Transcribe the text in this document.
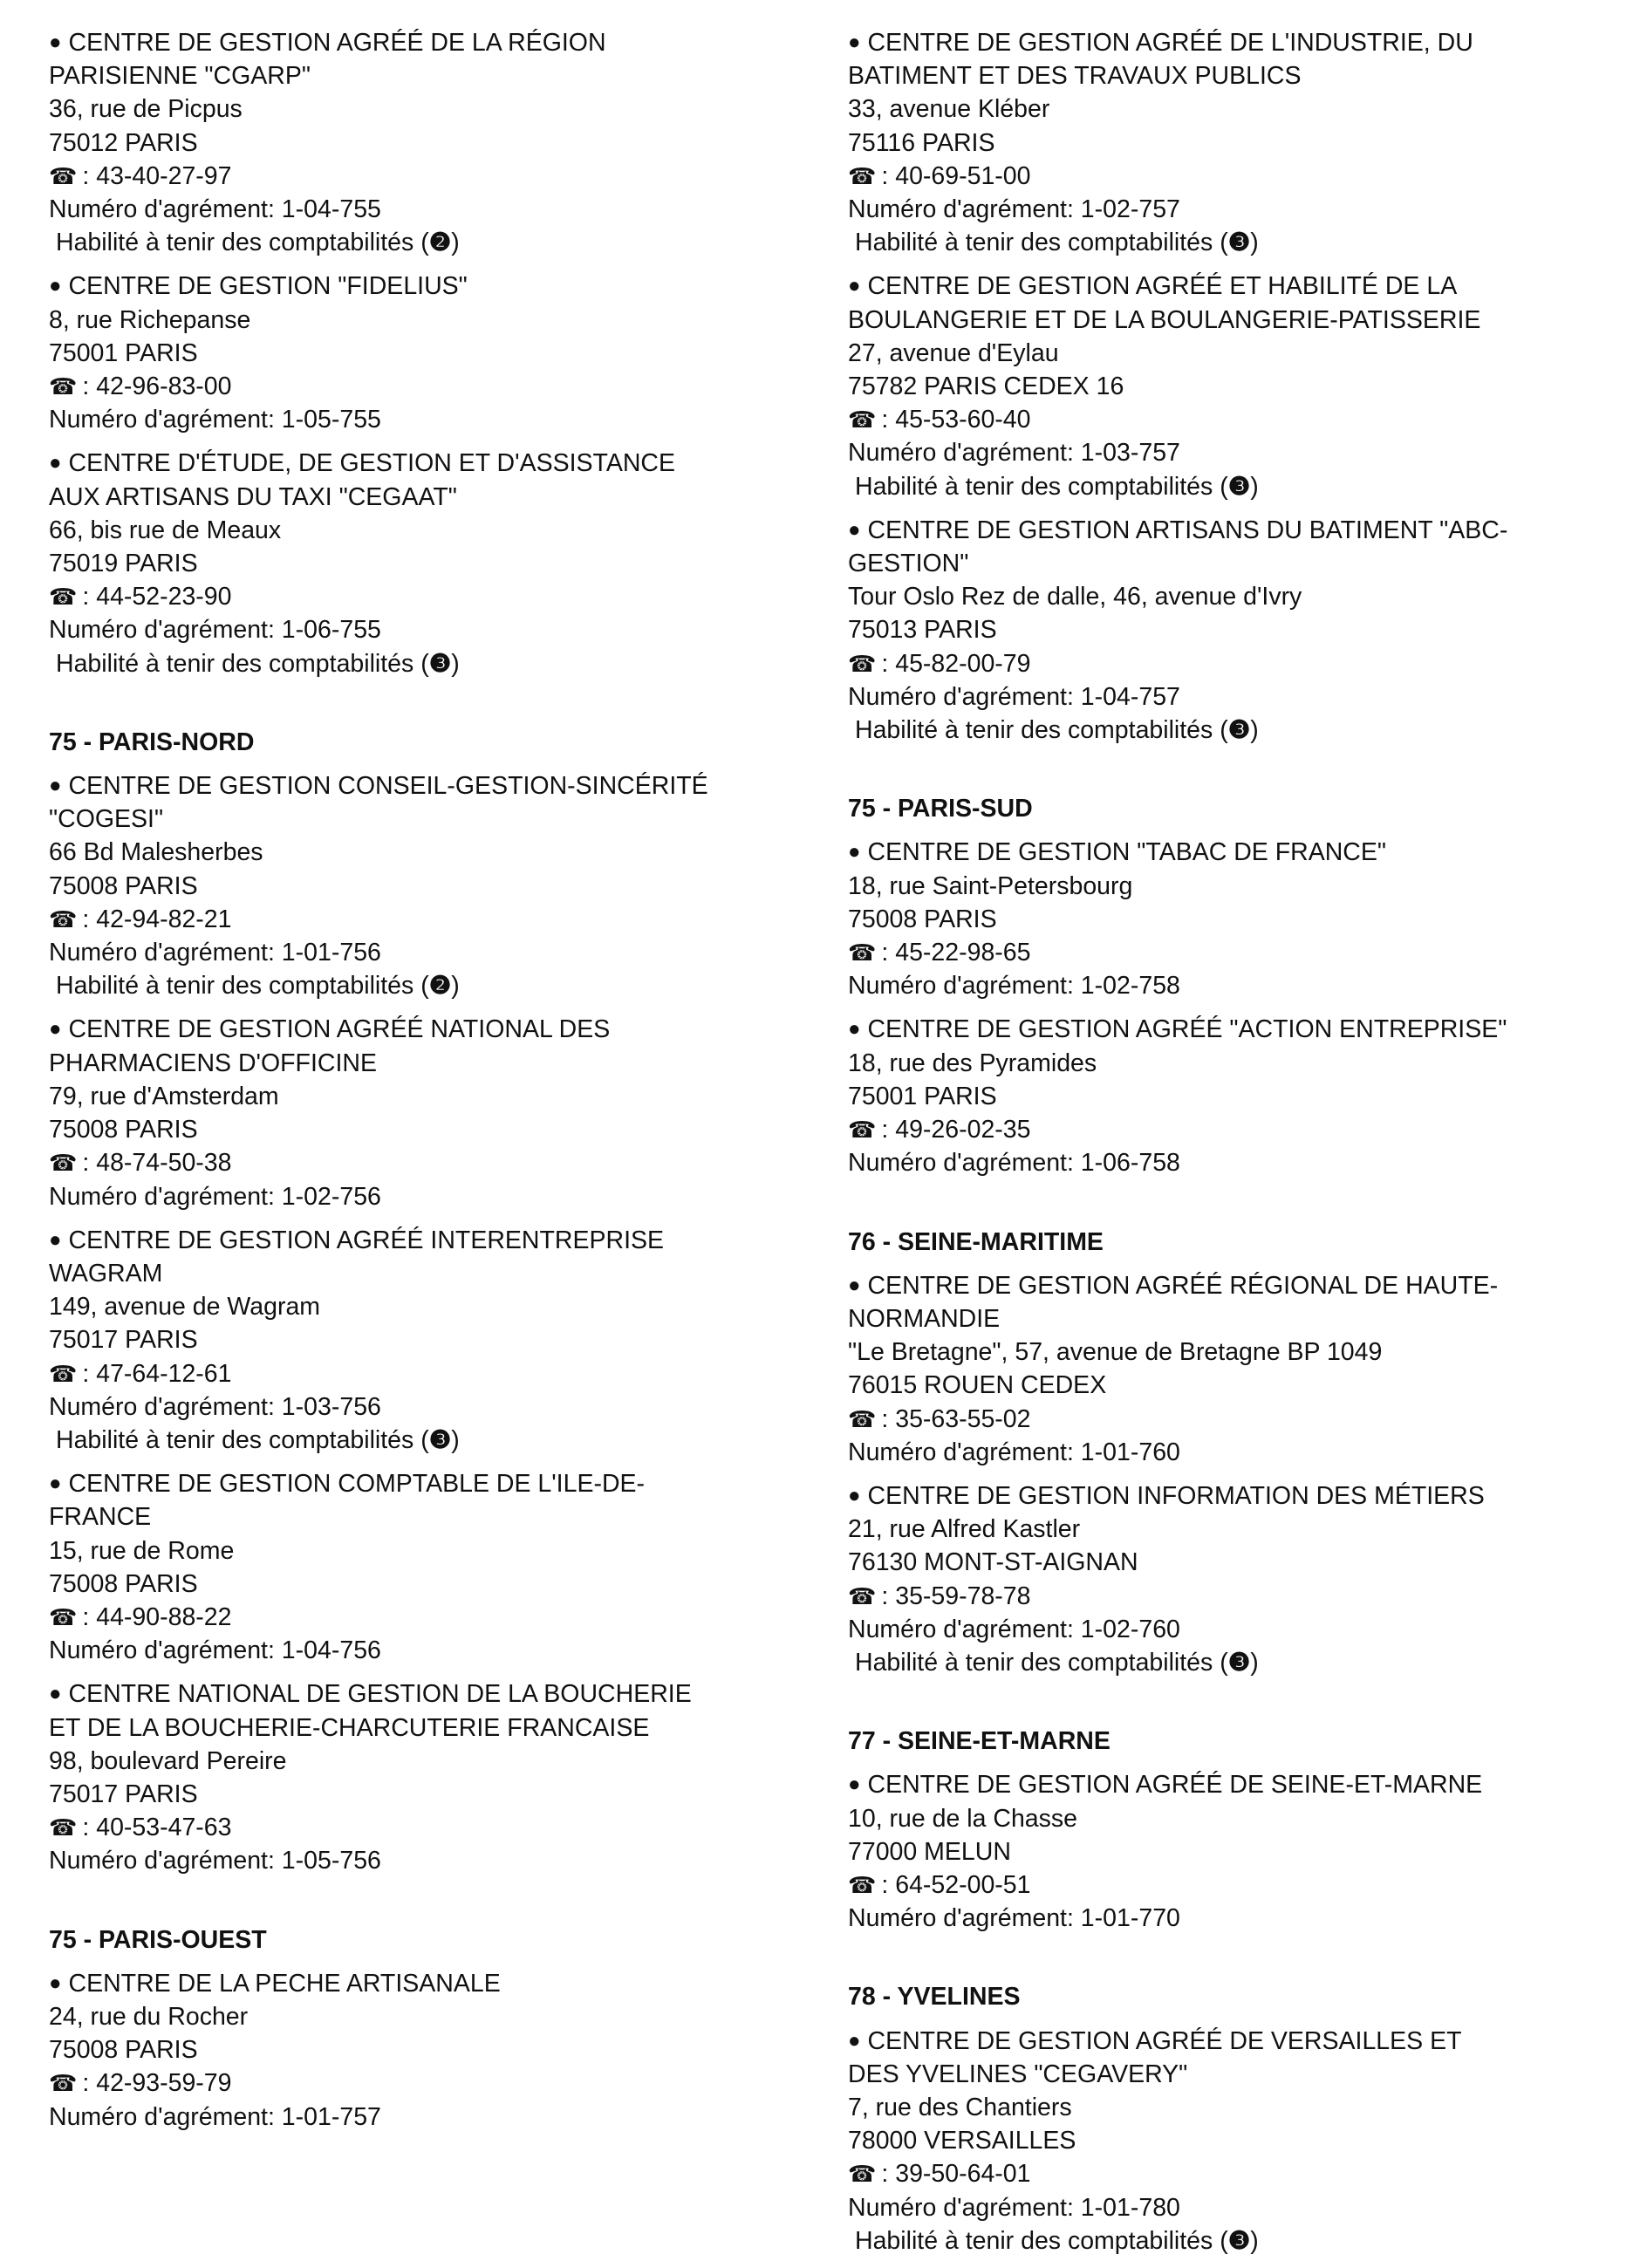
● CENTRE DE GESTION AGRÉÉ DE LA RÉGION
PARISIENNE "CGARP"
36, rue de Picpus
75012 PARIS
☎ : 43-40-27-97
Numéro d'agrément: 1-04-755
Habilité à tenir des comptabilités (❷)
● CENTRE DE GESTION "FIDELIUS"
8, rue Richepanse
75001 PARIS
☎ : 42-96-83-00
Numéro d'agrément: 1-05-755
● CENTRE D'ÉTUDE, DE GESTION ET D'ASSISTANCE
AUX ARTISANS DU TAXI "CEGAAT"
66, bis rue de Meaux
75019 PARIS
☎ : 44-52-23-90
Numéro d'agrément: 1-06-755
Habilité à tenir des comptabilités (❸)
75 - PARIS-NORD
● CENTRE DE GESTION CONSEIL-GESTION-SINCÉRITÉ
"COGESI"
66 Bd Malesherbes
75008 PARIS
☎ : 42-94-82-21
Numéro d'agrément: 1-01-756
Habilité à tenir des comptabilités (❷)
● CENTRE DE GESTION AGRÉÉ NATIONAL DES
PHARMACIENS D'OFFICINE
79, rue d'Amsterdam
75008 PARIS
☎ : 48-74-50-38
Numéro d'agrément: 1-02-756
● CENTRE DE GESTION AGRÉÉ INTERENTREPRISE
WAGRAM
149, avenue de Wagram
75017 PARIS
☎ : 47-64-12-61
Numéro d'agrément: 1-03-756
Habilité à tenir des comptabilités (❸)
● CENTRE DE GESTION COMPTABLE DE L'ILE-DE-
FRANCE
15, rue de Rome
75008 PARIS
☎ : 44-90-88-22
Numéro d'agrément: 1-04-756
● CENTRE NATIONAL DE GESTION DE LA BOUCHERIE
ET DE LA BOUCHERIE-CHARCUTERIE FRANCAISE
98, boulevard Pereire
75017 PARIS
☎ : 40-53-47-63
Numéro d'agrément: 1-05-756
75 - PARIS-OUEST
● CENTRE DE LA PECHE ARTISANALE
24, rue du Rocher
75008 PARIS
☎ : 42-93-59-79
Numéro d'agrément: 1-01-757
● CENTRE DE GESTION AGRÉÉ DE L'INDUSTRIE, DU
BATIMENT ET DES TRAVAUX PUBLICS
33, avenue Kléber
75116 PARIS
☎ : 40-69-51-00
Numéro d'agrément: 1-02-757
Habilité à tenir des comptabilités (❸)
● CENTRE DE GESTION AGRÉÉ ET HABILITÉ DE LA
BOULANGERIE ET DE LA BOULANGERIE-PATISSERIE
27, avenue d'Eylau
75782 PARIS CEDEX 16
☎ : 45-53-60-40
Numéro d'agrément: 1-03-757
Habilité à tenir des comptabilités (❸)
● CENTRE DE GESTION ARTISANS DU BATIMENT "ABC-
GESTION"
Tour Oslo Rez de dalle, 46, avenue d'Ivry
75013 PARIS
☎ : 45-82-00-79
Numéro d'agrément: 1-04-757
Habilité à tenir des comptabilités (❸)
75 - PARIS-SUD
● CENTRE DE GESTION "TABAC DE FRANCE"
18, rue Saint-Petersbourg
75008 PARIS
☎ : 45-22-98-65
Numéro d'agrément: 1-02-758
● CENTRE DE GESTION AGRÉÉ "ACTION ENTREPRISE"
18, rue des Pyramides
75001 PARIS
☎ : 49-26-02-35
Numéro d'agrément: 1-06-758
76 - SEINE-MARITIME
● CENTRE DE GESTION AGRÉÉ RÉGIONAL DE HAUTE-
NORMANDIE
"Le Bretagne", 57, avenue de Bretagne BP 1049
76015 ROUEN CEDEX
☎ : 35-63-55-02
Numéro d'agrément: 1-01-760
● CENTRE DE GESTION INFORMATION DES MÉTIERS
21, rue Alfred Kastler
76130 MONT-ST-AIGNAN
☎ : 35-59-78-78
Numéro d'agrément: 1-02-760
Habilité à tenir des comptabilités (❸)
77 - SEINE-ET-MARNE
● CENTRE DE GESTION AGRÉÉ DE SEINE-ET-MARNE
10, rue de la Chasse
77000 MELUN
☎ : 64-52-00-51
Numéro d'agrément: 1-01-770
78 - YVELINES
● CENTRE DE GESTION AGRÉÉ DE VERSAILLES ET
DES YVELINES "CEGAVERY"
7, rue des Chantiers
78000 VERSAILLES
☎ : 39-50-64-01
Numéro d'agrément: 1-01-780
Habilité à tenir des comptabilités (❸)
